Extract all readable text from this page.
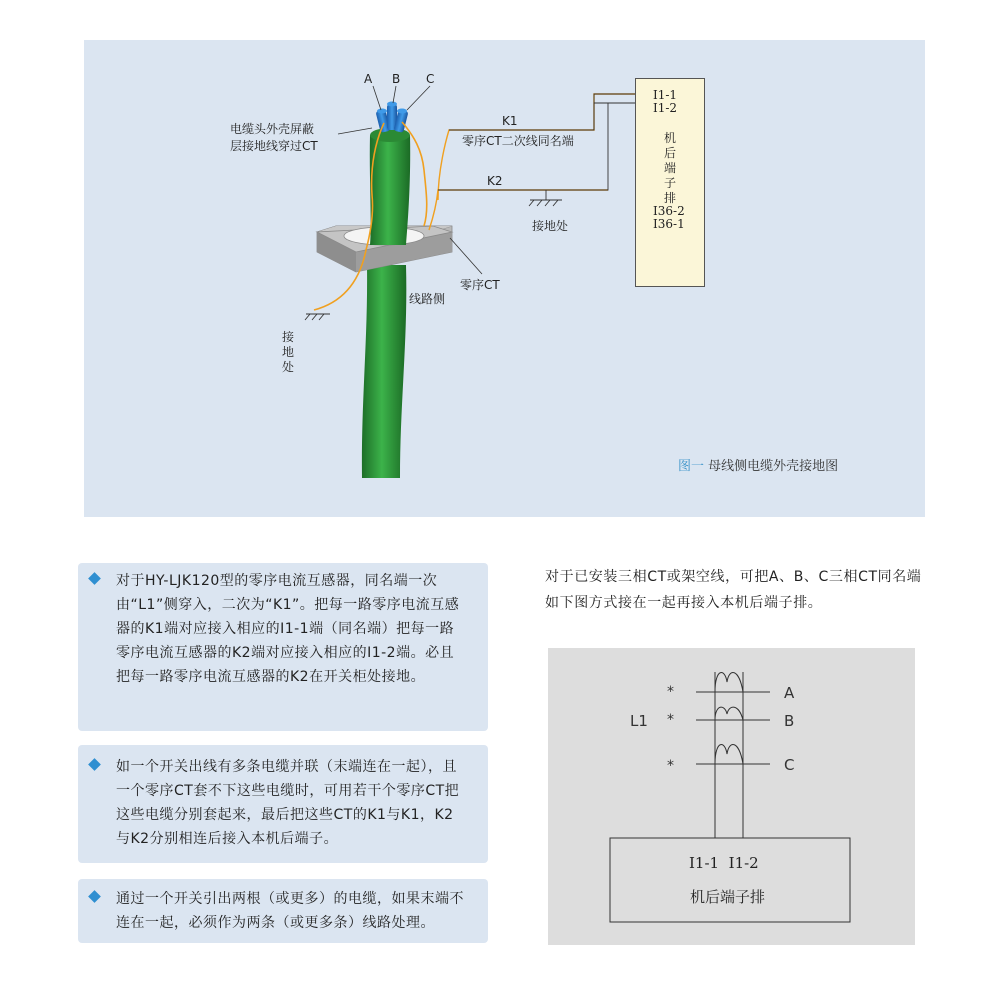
A B C
电缆头外壳屏蔽
层接地线穿过CT
K1
零序CT二次线同名端
K2
接地处
接地处
零序CT
线路侧
I1-1
I1-2
机后端子排
I36-2
I36-1
图一 母线侧电缆外壳接地图

对于HY-LJK120型的零序电流互感器，同名端一次由“L1”侧穿入，二次为“K1”。把每一路零序电流互感器的K1端对应接入相应的I1-1端（同名端）把每一路零序电流互感器的K2端对应接入相应的I1-2端。必且把每一路零序电流互感器的K2在开关柜处接地。

如一个开关出线有多条电缆并联（末端连在一起），且一个零序CT套不下这些电缆时，可用若干个零序CT把这些电缆分别套起来，最后把这些CT的K1与K1，K2与K2分别相连后接入本机后端子。

通过一个开关引出两根（或更多）的电缆，如果末端不连在一起，必须作为两条（或更多条）线路处理。

对于已安装三相CT或架空线，可把A、B、C三相CT同名端如下图方式接在一起再接入本机后端子排。

*
*
*
L1
A
B
C
I1-1 I1-2
机后端子排
